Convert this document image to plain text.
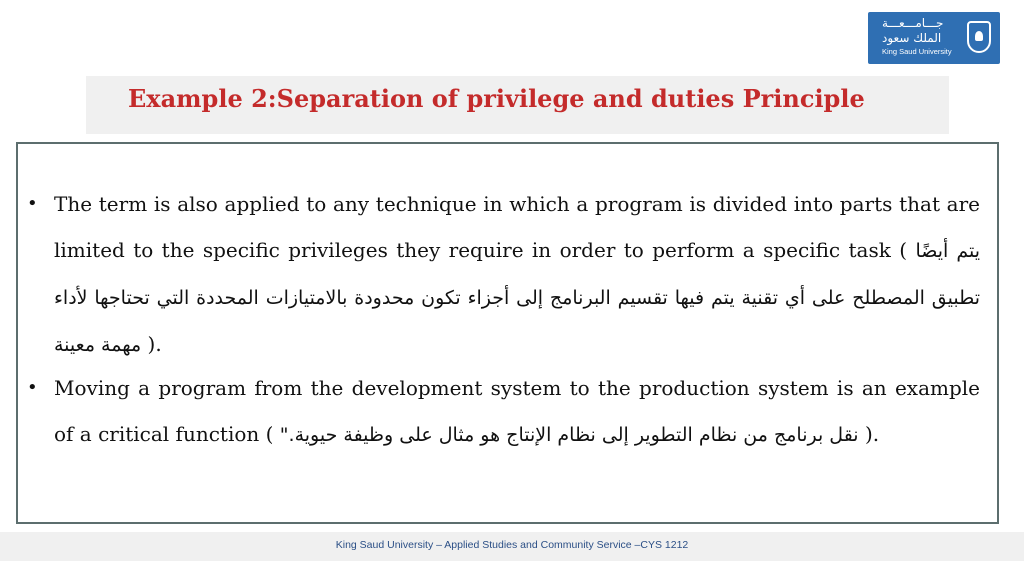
جـــامـــعـــة
الملك سعود
King Saud University
Example 2:Separation of privilege and duties Principle
• The term is also applied to any technique in which a program is divided into parts that are limited to the specific privileges they require in order to perform a specific task ( يتم أيضًا تطبيق المصطلح على أي تقنية يتم فيها تقسيم البرنامج إلى أجزاء تكون محدودة بالامتيازات المحددة التي تحتاجها لأداء مهمة معينة ).
• Moving a program from the development system to the production system is an example of a critical function ( نقل برنامج من نظام التطوير إلى نظام الإنتاج هو مثال على وظيفة حيوية." ).
King Saud University – Applied Studies and Community Service –CYS 1212
